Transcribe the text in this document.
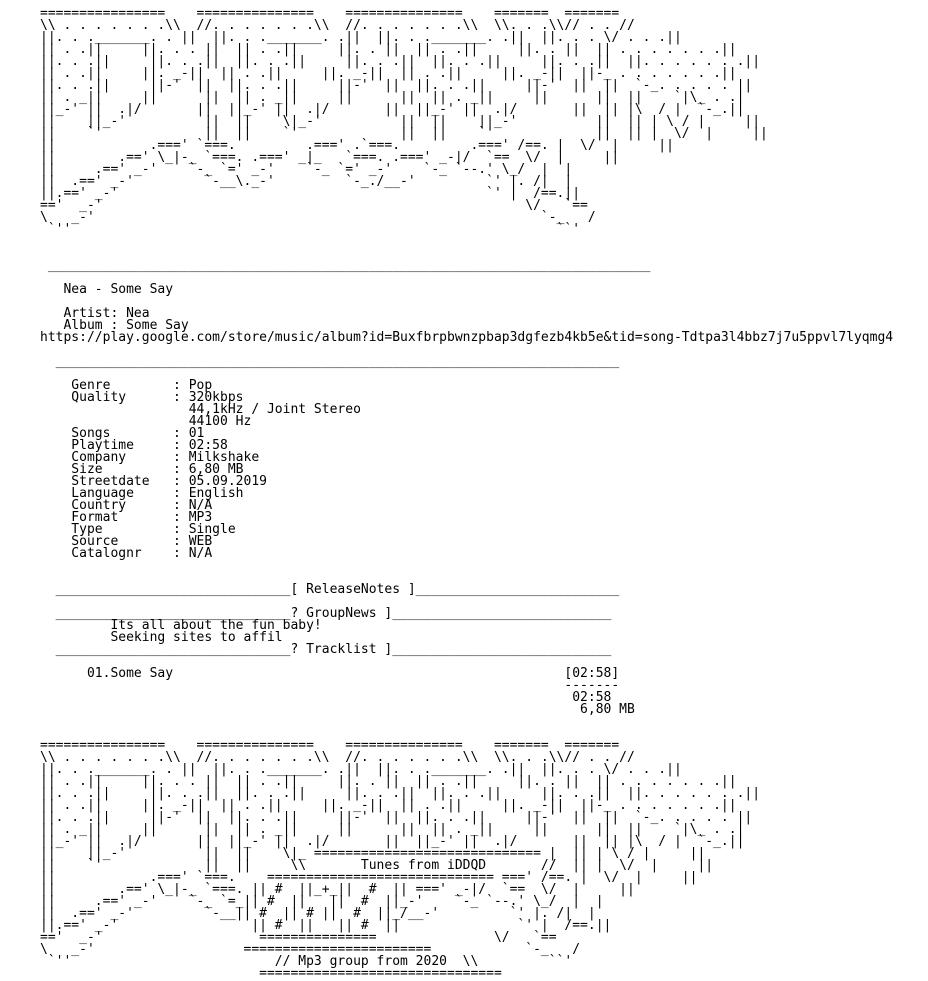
================    ===============    ===============    =======  =======
\\ . . . . . . .\\  //. . . . . . .\\  //. . . . . . .\\  \\. . .\\// . . //
||. . ._______. . ||  ||. . ._______. .||  ||. . ._______. .||  ||. . . \/ . . .||
|| . .||     ||. . . ||  || . .||     ||. . ||  || . .||     ||. . ||  || . . . . . . .||
||. . .||     ||. . .||  ||. . .||     ||. . .||  ||. . .||     ||. . .||  ||. . . . . . .||
|| . .||     ||. _-||  || . .||     ||. _-||  || . .||     ||. _-||  ||-_ . . . . . . .||
||. . .||     ||-'  ||  ||. . .||     ||-'  ||  ||. . .||     ||-'  ||  ||  `-_. . . . . ||
|| . _||     ||      ||  || . _||     ||      ||  || . _||     ||      ||  ||    `|\_ . .|
||_-' ||  .|/       ||  ||_-' ||  .|/       ||  ||_-' ||  .|/       ||  || |\  / |  `-_.||
||    ||_-'          ||  ||    \|_-'          ||  ||    ||_-'          ||  || | \ / |     ||
||    `'             ||  ||    `'             ||  ||    `'             ||  || |  \/  |     ||
||            .===' `===.         .===' .`===.         .===' /==. |  \/  |     ||
||        .==' \_|-_ `===. .===' _|_   `===. .===' _-|/  `==  \/  |     ||
||     .==' _-'    `-_ `=' _-'    `-_ `=' _-'    `-_ `--.' \_/  |  |
||  .==' _-'         `-__\._-'         `-_./__-'         `' |. /|  |
||.==' _-'                                               `' |  /==.||
=='  _-'                                                      \/   `==
\   _-'                                                         `-_   /
`''                                                              ``'
_____________________________________________________________________________
Nea - Some Say
Artist: Nea
Album : Some Say
https://play.google.com/store/music/album?id=Buxfbrpbwnzpbap3dgfezb4kb5e&tid=song-Tdtpa3l4bbz7j7u5ppvl7lyqmg4
________________________________________________________________________
Genre        : Pop
Quality      : 320kbps
44,1kHz / Joint Stereo
44100 Hz
Songs        : 01
Playtime     : 02:58
Company      : Milkshake
Size         : 6,80 MB
Streetdate   : 05.09.2019
Language     : English
Country      : N/A
Format       : MP3
Type         : Single
Source       : WEB
Catalognr    : N/A
______________________________[ ReleaseNotes ]__________________________
______________________________? GroupNews ]____________________________
Its all about the fun baby!
Seeking sites to affil
______________________________? Tracklist ]____________________________
01.Some Say                                                  [02:58]
-------
02:58
6,80 MB
================    ===============    ===============    =======  =======
\\ . . . . . . .\\  //. . . . . . .\\  //. . . . . . .\\  \\. . .\\// . . //
||. . ._______. . ||  ||. . ._______. .||  ||. . ._______. .||  ||. . . \/ . . .||
|| . .||     ||. . . ||  || . .||     ||. . ||  || . .||     ||. . ||  || . . . . . . .||
||. . .||     ||. . .||  ||. . .||     ||. . .||  ||. . .||     ||. . .||  ||. . . . . . .||
|| . .||     ||. _-||  || . .||     ||. _-||  || . .||     ||. _-||  ||-_ . . . . . . .||
||. . .||     ||-'  ||  ||. . .||     ||-'  ||  ||. . .||     ||-'  ||  ||  `-_. . . . . ||
|| . _||     ||      ||  || . _||     ||      ||  || . _||     ||      ||  ||    `|\_ . .|
||_-' ||  .|/       ||  ||_-' ||  .|/       ||  ||_-' ||  .|/       ||  || |\  / |  `-_.||
||    ||_-'          ||  ||    \|_ ============================= |  || | \ / |     ||
||    `'             ||  ||     \\       Tunes from iDDQD       //  || |  \/  |     ||
||            .===' `===.    ============================= ===' /==. |  \/  |     ||
||        .==' \_|-_ `===. || #  ||_+_||  #  || ===' _-|/  `==  \/  |     ||
||     .==' _-'    `-_ `=_|| #  ||   ||  #  ||_-'    `-_ `--.' \_/  |  |
||  .==' _-'         `-__|| #  || # ||  #  ||_/__-'         `' |. /|  |
||.==' _-'                 || #  ||   || #  ||               `' |  /==.||
=='  _-'                    ===============               \/   `==
\   _-'                   ========================            `-_   /
`''                          // Mp3 group from 2020  \\         ``'
===============================
